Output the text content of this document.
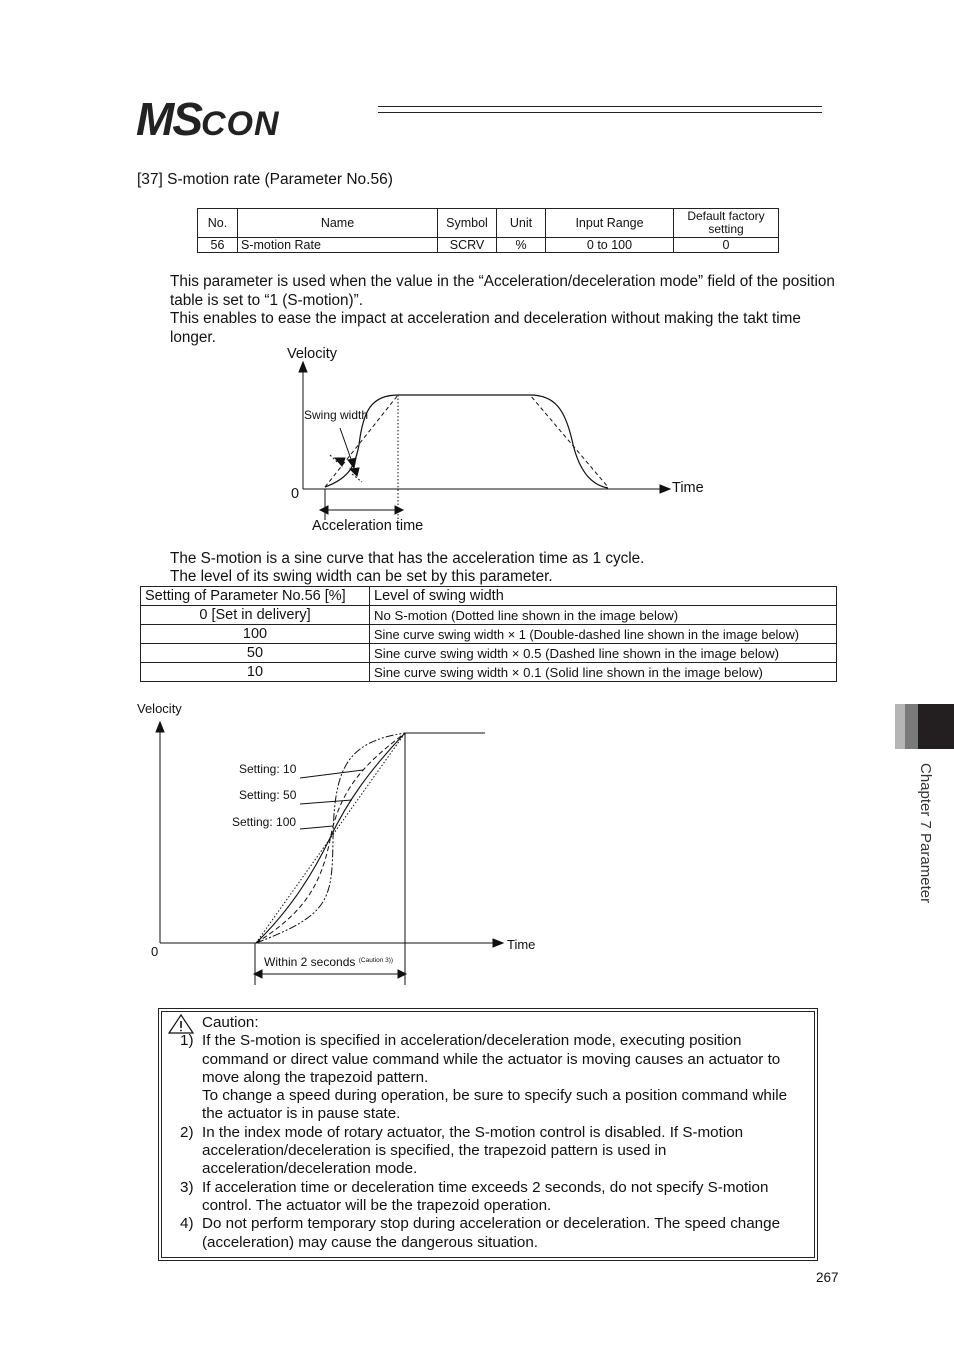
MSCON
[37] S-motion rate (Parameter No.56)
No.	Name	Symbol	Unit	Input Range	Default factory setting
56	S-motion Rate	SCRV	%	0 to 100	0
This parameter is used when the value in the “Acceleration/deceleration mode” field of the position table is set to “1 (S-motion)”.
This enables to ease the impact at acceleration and deceleration without making the takt time longer.
Velocity
Time
0
Swing width
Acceleration time
The S-motion is a sine curve that has the acceleration time as 1 cycle.
The level of its swing width can be set by this parameter.
Setting of Parameter No.56 [%]	Level of swing width
0 [Set in delivery]	No S-motion (Dotted line shown in the image below)
100	Sine curve swing width × 1 (Double-dashed line shown in the image below)
50	Sine curve swing width × 0.5 (Dashed line shown in the image below)
10	Sine curve swing width × 0.1 (Solid line shown in the image below)
Velocity
Time
0
Setting: 10
Setting: 50
Setting: 100
Within 2 seconds $^{(Caution 3))}$
Caution:
1) If the S-motion is specified in acceleration/deceleration mode, executing position command or direct value command while the actuator is moving causes an actuator to move along the trapezoid pattern.
To change a speed during operation, be sure to specify such a position command while the actuator is in pause state.
2) In the index mode of rotary actuator, the S-motion control is disabled. If S-motion acceleration/deceleration is specified, the trapezoid pattern is used in acceleration/deceleration mode.
3) If acceleration time or deceleration time exceeds 2 seconds, do not specify S-motion control. The actuator will be the trapezoid operation.
4) Do not perform temporary stop during acceleration or deceleration. The speed change (acceleration) may cause the dangerous situation.
Chapter 7 Parameter
267
